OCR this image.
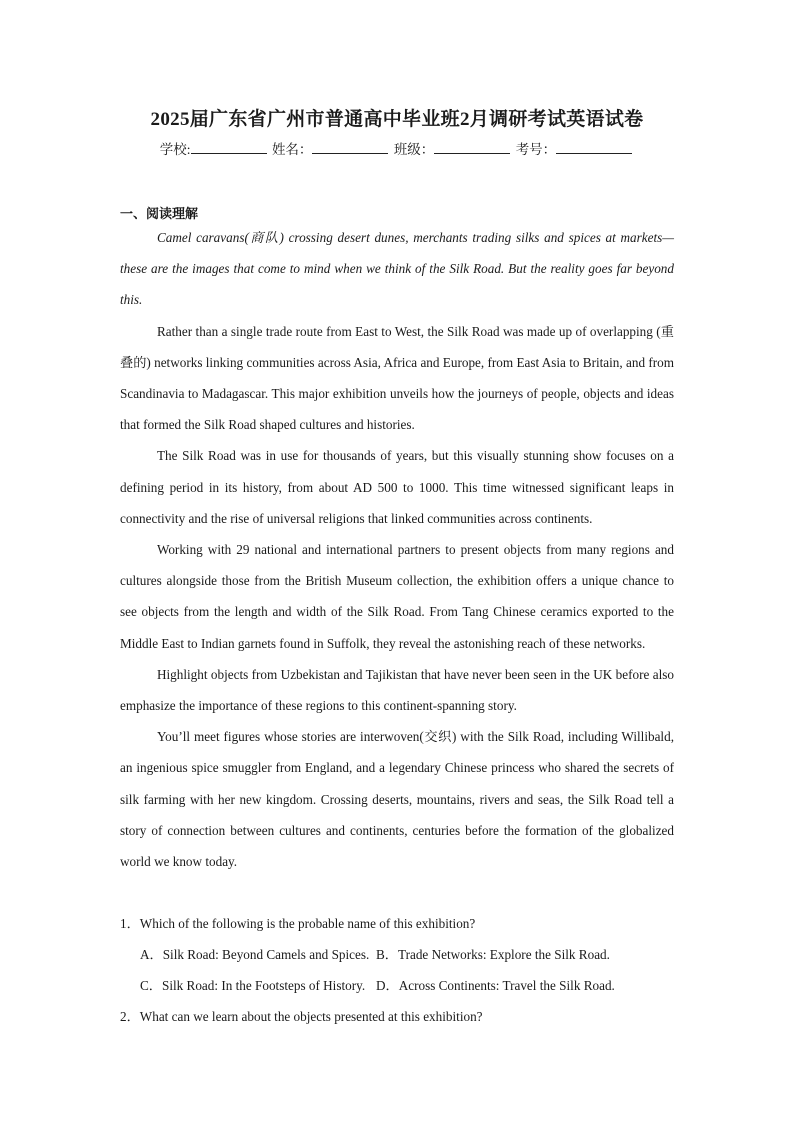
2025届广东省广州市普通高中毕业班2月调研考试英语试卷
学校:	姓名：	班级：	考号：
一、阅读理解

Camel caravans(商队) crossing desert dunes, merchants trading silks and spices at markets—these are the images that come to mind when we think of the Silk Road. But the reality goes far beyond this.

Rather than a single trade route from East to West, the Silk Road was made up of overlapping (重叠的) networks linking communities across Asia, Africa and Europe, from East Asia to Britain, and from Scandinavia to Madagascar. This major exhibition unveils how the journeys of people, objects and ideas that formed the Silk Road shaped cultures and histories.

The Silk Road was in use for thousands of years, but this visually stunning show focuses on a defining period in its history, from about AD 500 to 1000. This time witnessed significant leaps in connectivity and the rise of universal religions that linked communities across continents.

Working with 29 national and international partners to present objects from many regions and cultures alongside those from the British Museum collection, the exhibition offers a unique chance to see objects from the length and width of the Silk Road. From Tang Chinese ceramics exported to the Middle East to Indian garnets found in Suffolk, they reveal the astonishing reach of these networks.

Highlight objects from Uzbekistan and Tajikistan that have never been seen in the UK before also emphasize the importance of these regions to this continent-spanning story.

You’ll meet figures whose stories are interwoven(交织) with the Silk Road, including Willibald, an ingenious spice smuggler from England, and a legendary Chinese princess who shared the secrets of silk farming with her new kingdom. Crossing deserts, mountains, rivers and seas, the Silk Road tell a story of connection between cultures and continents, centuries before the formation of the globalized world we know today.

1．Which of the following is the probable name of this exhibition?

A．Silk Road: Beyond Camels and Spices. B．Trade Networks: Explore the Silk Road.

C．Silk Road: In the Footsteps of History. D．Across Continents: Travel the Silk Road.

2．What can we learn about the objects presented at this exhibition?
